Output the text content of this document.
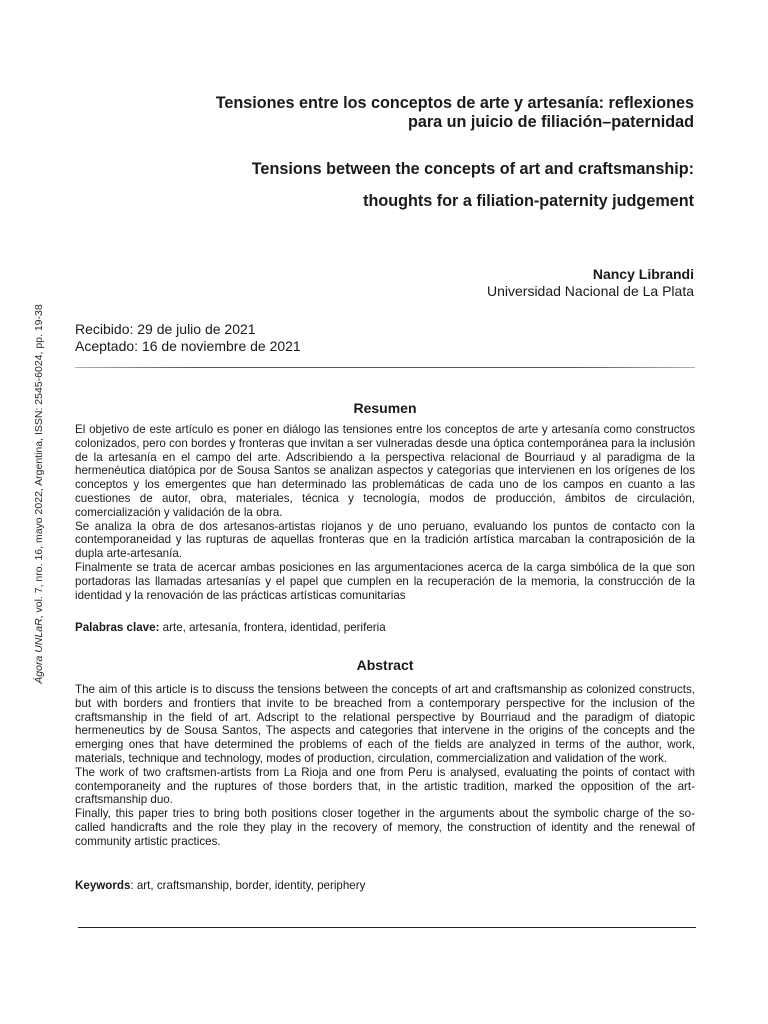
Ágora UNLaR, vol. 7, nro. 16, mayo 2022, Argentina, ISSN: 2545-6024, pp. 19-38
Tensiones entre los conceptos de arte y artesanía: reflexiones
para un juicio de filiación–paternidad
Tensions between the concepts of art and craftsmanship:
thoughts for a filiation-paternity judgement
Nancy Librandi
Universidad Nacional de La Plata
Recibido: 29 de julio de 2021
Aceptado: 16 de noviembre de 2021
Resumen

El objetivo de este artículo es poner en diálogo las tensiones entre los conceptos de arte y artesanía como constructos colonizados, pero con bordes y fronteras que invitan a ser vulneradas desde una óptica contemporánea para la inclusión de la artesanía en el campo del arte. Adscribiendo a la perspectiva relacional de Bourriaud y al paradigma de la hermenéutica diatópica por de Sousa Santos se analizan aspectos y categorías que intervienen en los orígenes de los conceptos y los emergentes que han determinado las problemáticas de cada uno de los campos en cuanto a las cuestiones de autor, obra, materiales, técnica y tecnología, modos de producción, ámbitos de circulación, comercialización y validación de la obra.

Se analiza la obra de dos artesanos-artistas riojanos y de uno peruano, evaluando los puntos de contacto con la contemporaneidad y las rupturas de aquellas fronteras que en la tradición artística marcaban la contraposición de la dupla arte-artesanía.

Finalmente se trata de acercar ambas posiciones en las argumentaciones acerca de la carga simbólica de la que son portadoras las llamadas artesanías y el papel que cumplen en la recuperación de la memoria, la construcción de la identidad y la renovación de las prácticas artísticas comunitarias

Palabras clave: arte, artesanía, frontera, identidad, periferia
Abstract

The aim of this article is to discuss the tensions between the concepts of art and craftsmanship as colonized constructs, but with borders and frontiers that invite to be breached from a contemporary perspective for the inclusion of the craftsmanship in the field of art. Adscript to the relational perspective by Bourriaud and the paradigm of diatopic hermeneutics by de Sousa Santos, The aspects and categories that intervene in the origins of the concepts and the emerging ones that have determined the problems of each of the fields are analyzed in terms of the author, work, materials, technique and technology, modes of production, circulation, commercialization and validation of the work.

The work of two craftsmen-artists from La Rioja and one from Peru is analysed, evaluating the points of contact with contemporaneity and the ruptures of those borders that, in the artistic tradition, marked the opposition of the art-craftsmanship duo.

Finally, this paper tries to bring both positions closer together in the arguments about the symbolic charge of the so-called handicrafts and the role they play in the recovery of memory, the construction of identity and the renewal of community artistic practices.

Keywords: art, craftsmanship, border, identity, periphery
